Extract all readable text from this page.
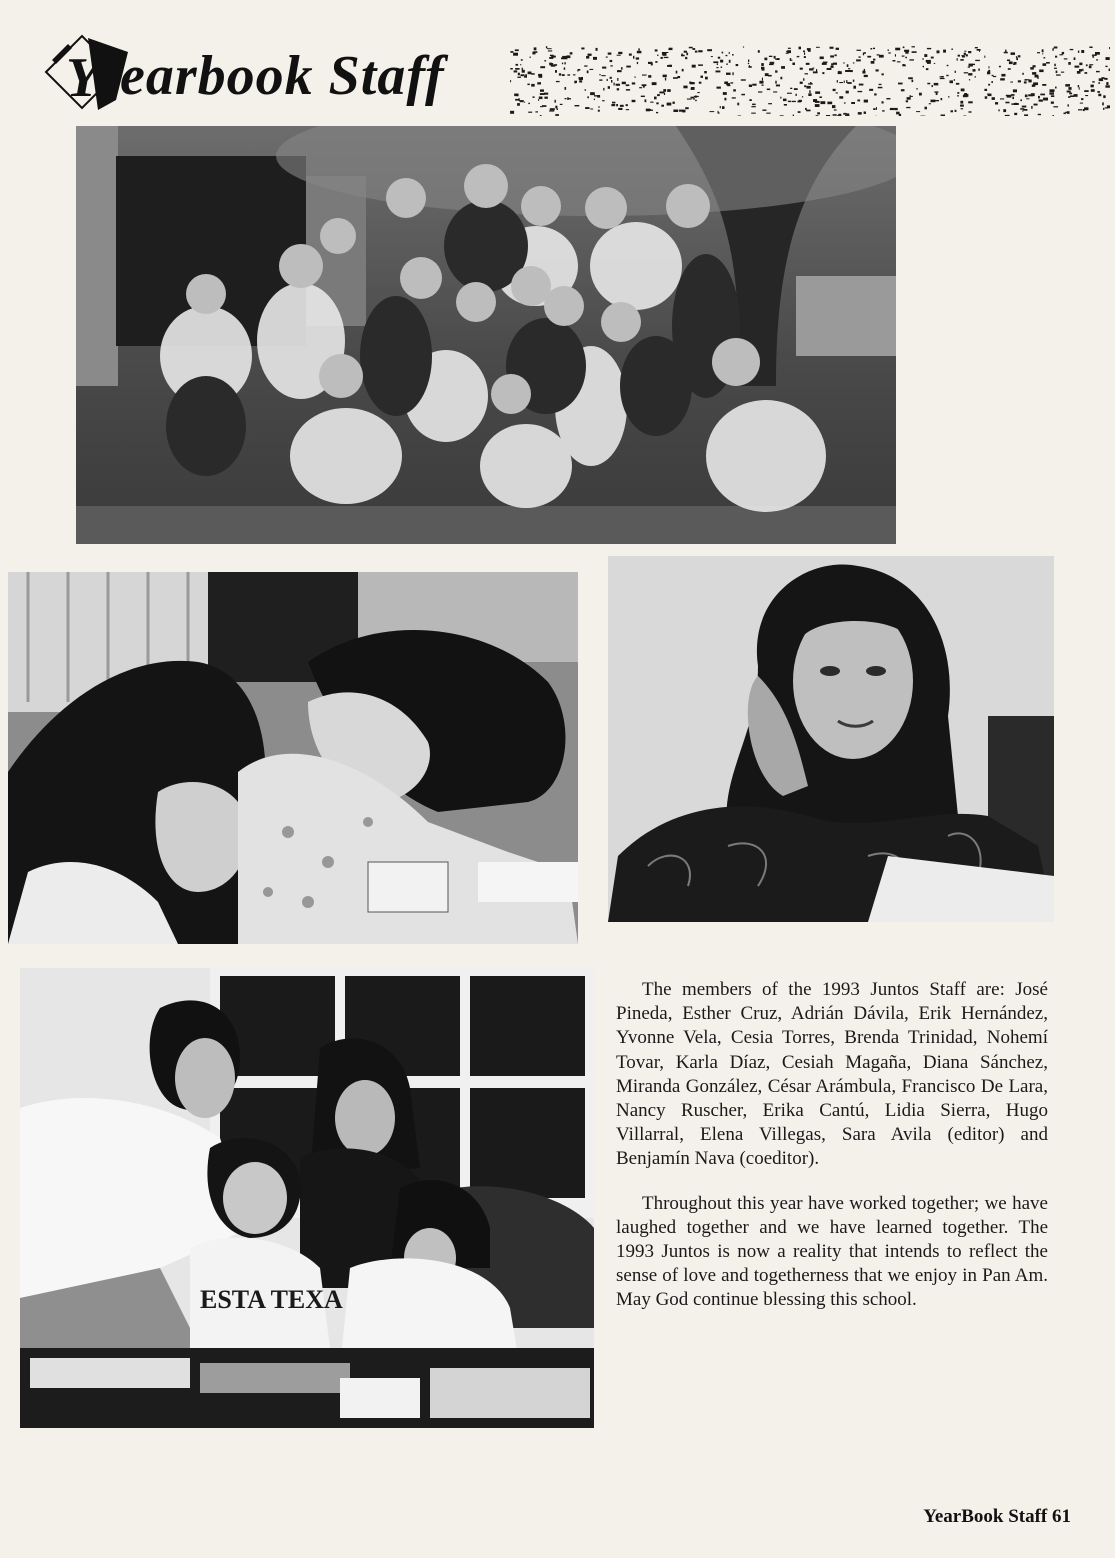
Y earbook Staff
ESTA TEXA

The members of the 1993 Juntos Staff are: José Pineda, Esther Cruz, Adrián Dávila, Erik Hernández, Yvonne Vela, Cesia Torres, Brenda Trinidad, Nohemí Tovar, Karla Díaz, Cesiah Magaña, Diana Sánchez, Miranda González, César Arámbula, Francisco De Lara, Nancy Ruscher, Erika Cantú, Lidia Sierra, Hugo Villarral, Elena Villegas, Sara Avila (editor) and Benjamín Nava (coeditor).

Throughout this year have worked together; we have laughed together and we have learned together. The 1993 Juntos is now a reality that intends to reflect the sense of love and togetherness that we enjoy in Pan Am. May God continue blessing this school.

YearBook Staff 61
